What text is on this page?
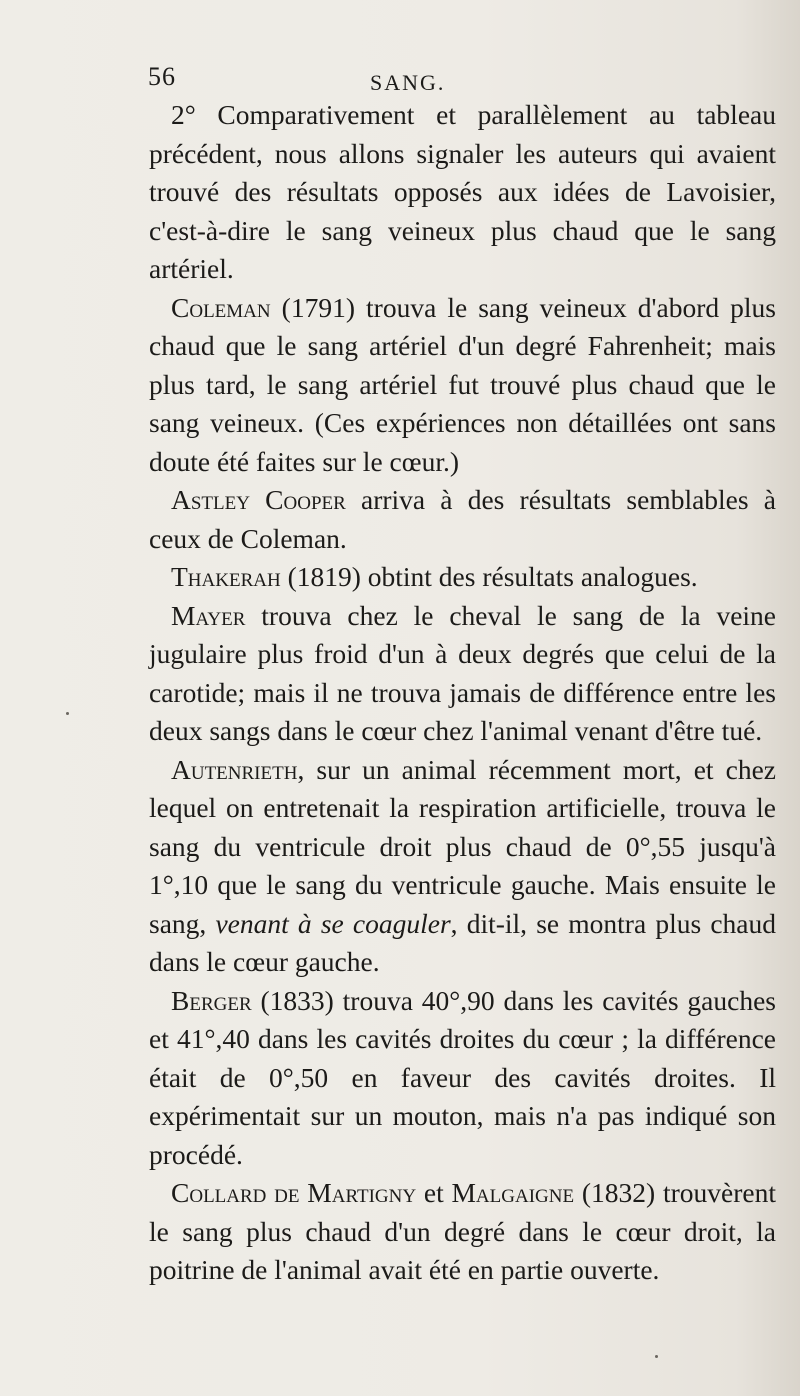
56	SANG.

2° Comparativement et parallèlement au tableau précédent, nous allons signaler les auteurs qui avaient trouvé des résultats opposés aux idées de Lavoisier, c'est-à-dire le sang veineux plus chaud que le sang artériel.

Coleman (1791) trouva le sang veineux d'abord plus chaud que le sang artériel d'un degré Fahrenheit; mais plus tard, le sang artériel fut trouvé plus chaud que le sang veineux. (Ces expériences non détaillées ont sans doute été faites sur le cœur.)

Astley Cooper arriva à des résultats semblables à ceux de Coleman.

Thakerah (1819) obtint des résultats analogues.

Mayer trouva chez le cheval le sang de la veine jugulaire plus froid d'un à deux degrés que celui de la carotide; mais il ne trouva jamais de différence entre les deux sangs dans le cœur chez l'animal venant d'être tué.

Autenrieth, sur un animal récemment mort, et chez lequel on entretenait la respiration artificielle, trouva le sang du ventricule droit plus chaud de 0°,55 jusqu'à 1°,10 que le sang du ventricule gauche. Mais ensuite le sang, venant à se coaguler, dit-il, se montra plus chaud dans le cœur gauche.

Berger (1833) trouva 40°,90 dans les cavités gauches et 41°,40 dans les cavités droites du cœur ; la différence était de 0°,50 en faveur des cavités droites. Il expérimentait sur un mouton, mais n'a pas indiqué son procédé.

Collard de Martigny et Malgaigne (1832) trouvèrent le sang plus chaud d'un degré dans le cœur droit, la poitrine de l'animal avait été en partie ouverte.
